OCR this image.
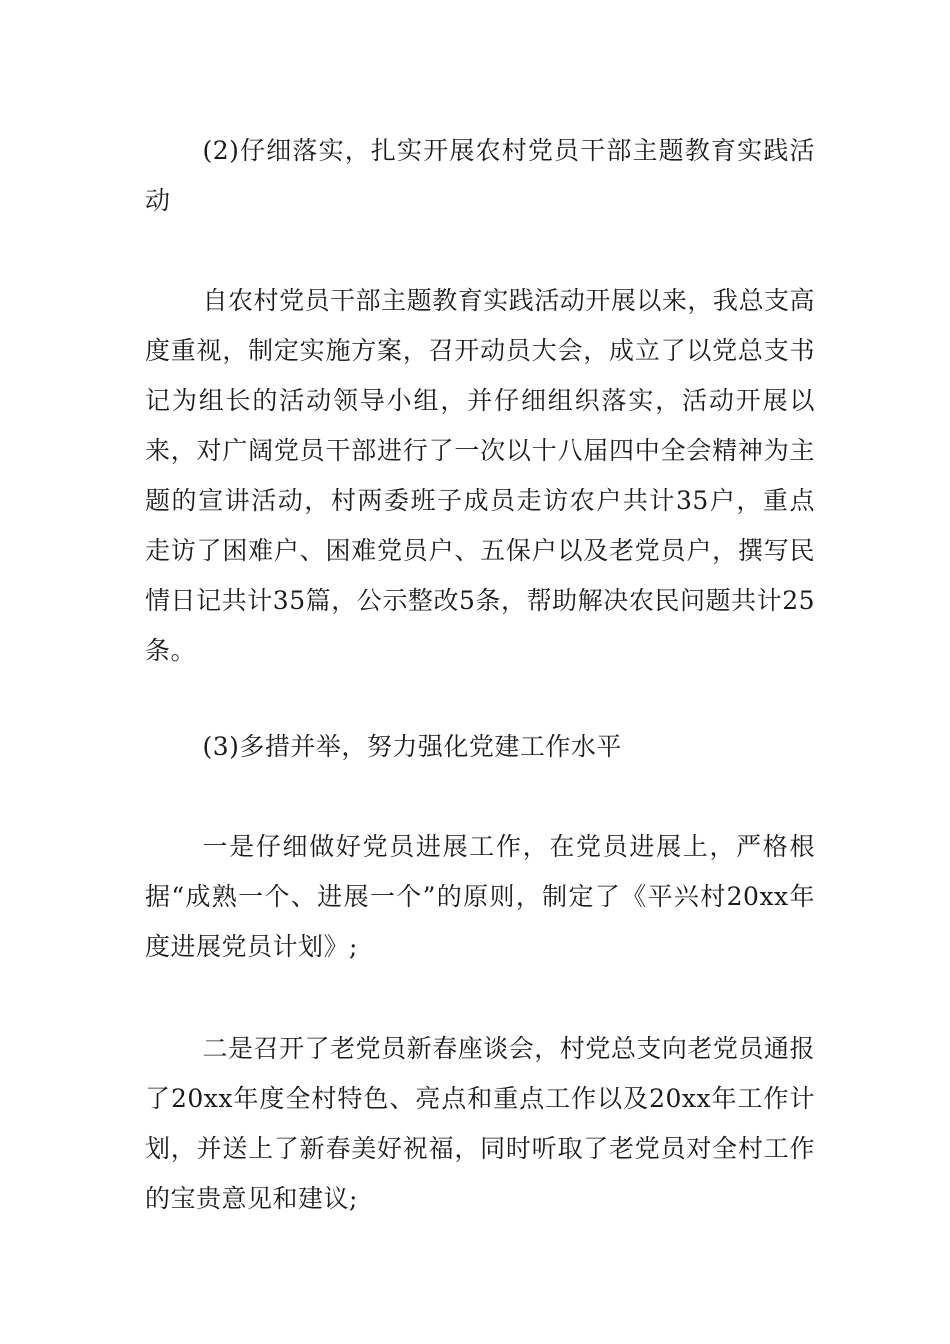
(2)仔细落实，扎实开展农村党员干部主题教育实践活动

自农村党员干部主题教育实践活动开展以来，我总支高度重视，制定实施方案，召开动员大会，成立了以党总支书记为组长的活动领导小组，并仔细组织落实，活动开展以来，对广阔党员干部进行了一次以十八届四中全会精神为主题的宣讲活动，村两委班子成员走访农户共计35户，重点走访了困难户、困难党员户、五保户以及老党员户，撰写民情日记共计35篇，公示整改5条，帮助解决农民问题共计25条。

(3)多措并举，努力强化党建工作水平

一是仔细做好党员进展工作，在党员进展上，严格根据“成熟一个、进展一个”的原则，制定了《平兴村20xx年度进展党员计划》;

二是召开了老党员新春座谈会，村党总支向老党员通报了20xx年度全村特色、亮点和重点工作以及20xx年工作计划，并送上了新春美好祝福，同时听取了老党员对全村工作的宝贵意见和建议;
